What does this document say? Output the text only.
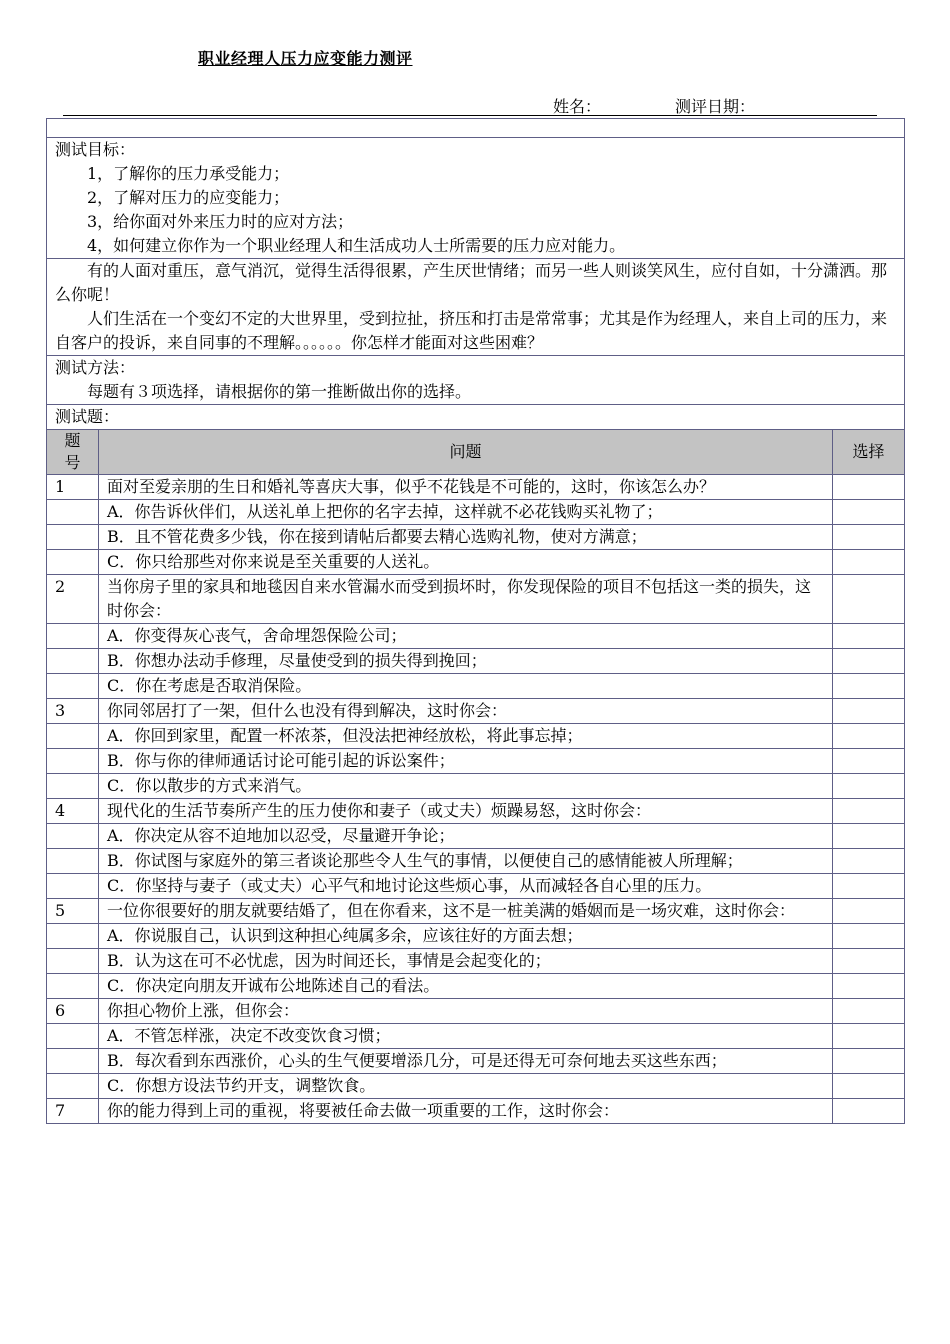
职业经理人压力应变能力测评
姓名：	测评日期：

测试目标：
1，了解你的压力承受能力；
2，了解对压力的应变能力；
3，给你面对外来压力时的应对方法；
4，如何建立你作为一个职业经理人和生活成功人士所需要的压力应对能力。		

有的人面对重压，意气消沉，觉得生活得很累，产生厌世情绪；而另一些人则谈笑风生，应付自如，十分潇洒。那么你呢！
人们生活在一个变幻不定的大世界里，受到拉扯，挤压和打击是常常事；尤其是作为经理人，来自上司的压力，来自客户的投诉，来自同事的不理解。。。。。。你怎样才能面对这些困难？		

测试方法：
每题有３项选择，请根据你的第一推断做出你的选择。		

测试题：		
题号	问题	选择
1	面对至爱亲朋的生日和婚礼等喜庆大事，似乎不花钱是不可能的，这时，你该怎么办？	
	A．你告诉伙伴们，从送礼单上把你的名字去掉，这样就不必花钱购买礼物了；	
	B．且不管花费多少钱，你在接到请帖后都要去精心选购礼物，使对方满意；	
	C．你只给那些对你来说是至关重要的人送礼。	
2	当你房子里的家具和地毯因自来水管漏水而受到损坏时，你发现保险的项目不包括这一类的损失，这时你会：	
	A．你变得灰心丧气，舍命埋怨保险公司；	
	B．你想办法动手修理，尽量使受到的损失得到挽回；	
	C．你在考虑是否取消保险。	
3	你同邻居打了一架，但什么也没有得到解决，这时你会：	
	A．你回到家里，配置一杯浓茶，但没法把神经放松，将此事忘掉；	
	B．你与你的律师通话讨论可能引起的诉讼案件；	
	C．你以散步的方式来消气。	
4	现代化的生活节奏所产生的压力使你和妻子（或丈夫）烦躁易怒，这时你会：	
	A．你决定从容不迫地加以忍受，尽量避开争论；	
	B．你试图与家庭外的第三者谈论那些令人生气的事情，以便使自己的感情能被人所理解；	
	C．你坚持与妻子（或丈夫）心平气和地讨论这些烦心事，从而减轻各自心里的压力。	
5	一位你很要好的朋友就要结婚了，但在你看来，这不是一桩美满的婚姻而是一场灾难，这时你会：	
	A．你说服自己，认识到这种担心纯属多余，应该往好的方面去想；	
	B．认为这在可不必忧虑，因为时间还长，事情是会起变化的；	
	C．你决定向朋友开诚布公地陈述自己的看法。	
6	你担心物价上涨，但你会：	
	A．不管怎样涨，决定不改变饮食习惯；	
	B．每次看到东西涨价，心头的生气便要增添几分，可是还得无可奈何地去买这些东西；	
	C．你想方设法节约开支，调整饮食。	
7	你的能力得到上司的重视，将要被任命去做一项重要的工作，这时你会：	
